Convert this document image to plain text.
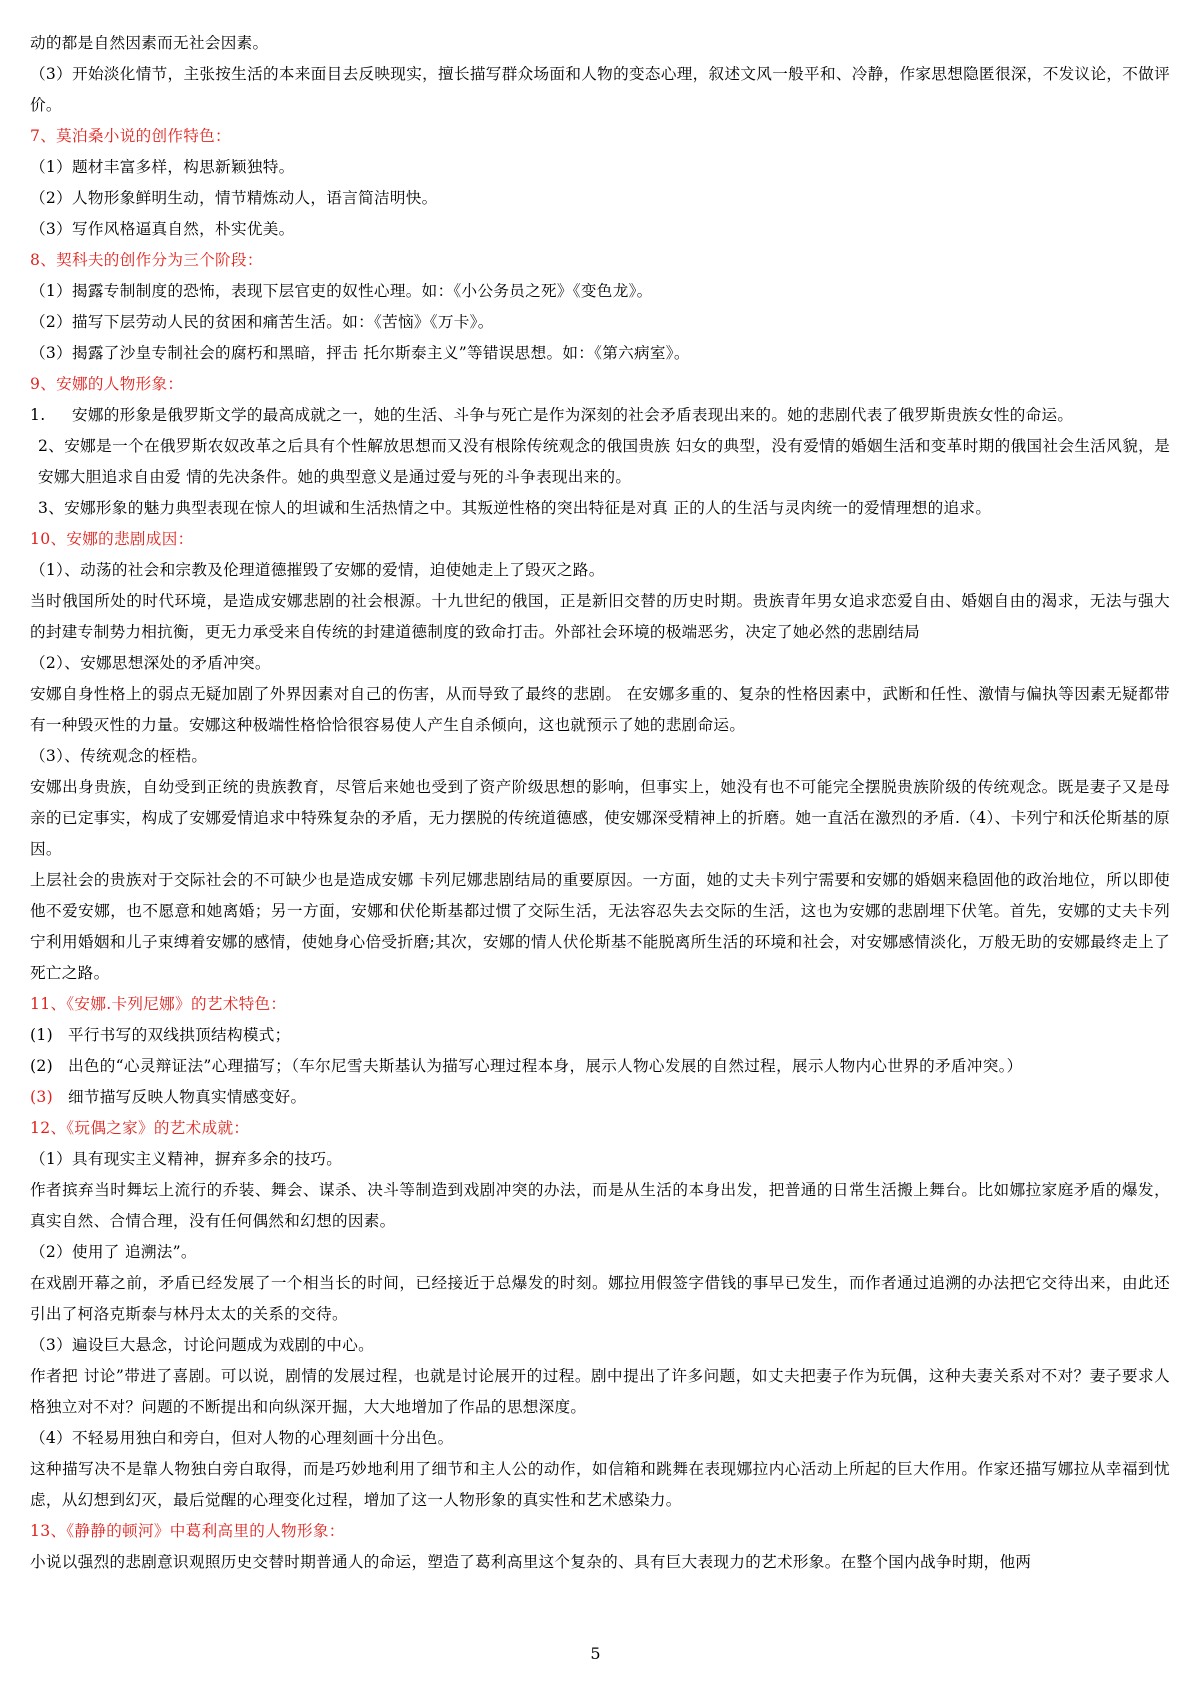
动的都是自然因素而无社会因素。
（3）开始淡化情节，主张按生活的本来面目去反映现实，擅长描写群众场面和人物的变态心理，叙述文风一般平和、冷静，作家思想隐匿很深，不发议论，不做评价。
7、莫泊桑小说的创作特色：
（1）题材丰富多样，构思新颖独特。
（2）人物形象鲜明生动，情节精炼动人，语言简洁明快。
（3）写作风格逼真自然，朴实优美。
8、契科夫的创作分为三个阶段：
（1）揭露专制制度的恐怖，表现下层官吏的奴性心理。如：《小公务员之死》《变色龙》。
（2）描写下层劳动人民的贫困和痛苦生活。如：《苦恼》《万卡》。
（3）揭露了沙皇专制社会的腐朽和黑暗，抨击 托尔斯泰主义”等错误思想。如：《第六病室》。
9、安娜的人物形象：
1.	安娜的形象是俄罗斯文学的最高成就之一，她的生活、斗争与死亡是作为深刻的社会矛盾表现出来的。她的悲剧代表了俄罗斯贵族女性的命运。
2、安娜是一个在俄罗斯农奴改革之后具有个性解放思想而又没有根除传统观念的俄国贵族 妇女的典型，没有爱情的婚姻生活和变革时期的俄国社会生活风貌，是安娜大胆追求自由爱 情的先决条件。她的典型意义是通过爱与死的斗争表现出来的。
3、安娜形象的魅力典型表现在惊人的坦诚和生活热情之中。其叛逆性格的突出特征是对真 正的人的生活与灵肉统一的爱情理想的追求。
10、安娜的悲剧成因：
（1）、动荡的社会和宗教及伦理道德摧毁了安娜的爱情，迫使她走上了毁灭之路。
当时俄国所处的时代环境，是造成安娜悲剧的社会根源。十九世纪的俄国，正是新旧交替的历史时期。贵族青年男女追求恋爱自由、婚姻自由的渴求，无法与强大的封建专制势力相抗衡，更无力承受来自传统的封建道德制度的致命打击。外部社会环境的极端恶劣，决定了她必然的悲剧结局
（2）、安娜思想深处的矛盾冲突。
安娜自身性格上的弱点无疑加剧了外界因素对自己的伤害，从而导致了最终的悲剧。 在安娜多重的、复杂的性格因素中，武断和任性、激情与偏执等因素无疑都带有一种毁灭性的力量。安娜这种极端性格恰恰很容易使人产生自杀倾向，这也就预示了她的悲剧命运。
（3）、传统观念的桎梏。
安娜出身贵族，自幼受到正统的贵族教育，尽管后来她也受到了资产阶级思想的影响，但事实上，她没有也不可能完全摆脱贵族阶级的传统观念。既是妻子又是母亲的已定事实，构成了安娜爱情追求中特殊复杂的矛盾，无力摆脱的传统道德感，使安娜深受精神上的折磨。她一直活在激烈的矛盾.（4）、卡列宁和沃伦斯基的原因。
上层社会的贵族对于交际社会的不可缺少也是造成安娜 卡列尼娜悲剧结局的重要原因。一方面，她的丈夫卡列宁需要和安娜的婚姻来稳固他的政治地位，所以即使他不爱安娜，也不愿意和她离婚；另一方面，安娜和伏伦斯基都过惯了交际生活，无法容忍失去交际的生活，这也为安娜的悲剧埋下伏笔。首先，安娜的丈夫卡列宁利用婚姻和儿子束缚着安娜的感情，使她身心倍受折磨;其次，安娜的情人伏伦斯基不能脱离所生活的环境和社会，对安娜感情淡化，万般无助的安娜最终走上了死亡之路。
11、《安娜.卡列尼娜》的艺术特色：
(1) 平行书写的双线拱顶结构模式；
(2) 出色的“心灵辩证法”心理描写；（车尔尼雪夫斯基认为描写心理过程本身，展示人物心发展的自然过程，展示人物内心世界的矛盾冲突。）
(3) 细节描写反映人物真实情感变好。
12、《玩偶之家》的艺术成就：
（1）具有现实主义精神，摒弃多余的技巧。
作者摈弃当时舞坛上流行的乔装、舞会、谋杀、决斗等制造到戏剧冲突的办法，而是从生活的本身出发，把普通的日常生活搬上舞台。比如娜拉家庭矛盾的爆发，真实自然、合情合理，没有任何偶然和幻想的因素。
（2）使用了 追溯法”。
在戏剧开幕之前，矛盾已经发展了一个相当长的时间，已经接近于总爆发的时刻。娜拉用假签字借钱的事早已发生，而作者通过追溯的办法把它交待出来，由此还引出了柯洛克斯泰与林丹太太的关系的交待。
（3）遍设巨大悬念，讨论问题成为戏剧的中心。
作者把 讨论”带进了喜剧。可以说，剧情的发展过程，也就是讨论展开的过程。剧中提出了许多问题，如丈夫把妻子作为玩偶，这种夫妻关系对不对？妻子要求人格独立对不对？问题的不断提出和向纵深开掘，大大地增加了作品的思想深度。
（4）不轻易用独白和旁白，但对人物的心理刻画十分出色。
这种描写决不是靠人物独白旁白取得，而是巧妙地利用了细节和主人公的动作，如信箱和跳舞在表现娜拉内心活动上所起的巨大作用。作家还描写娜拉从幸福到忧虑，从幻想到幻灭，最后觉醒的心理变化过程，增加了这一人物形象的真实性和艺术感染力。
13、《静静的顿河》中葛利高里的人物形象：
小说以强烈的悲剧意识观照历史交替时期普通人的命运，塑造了葛利高里这个复杂的、具有巨大表现力的艺术形象。在整个国内战争时期，他两
5
